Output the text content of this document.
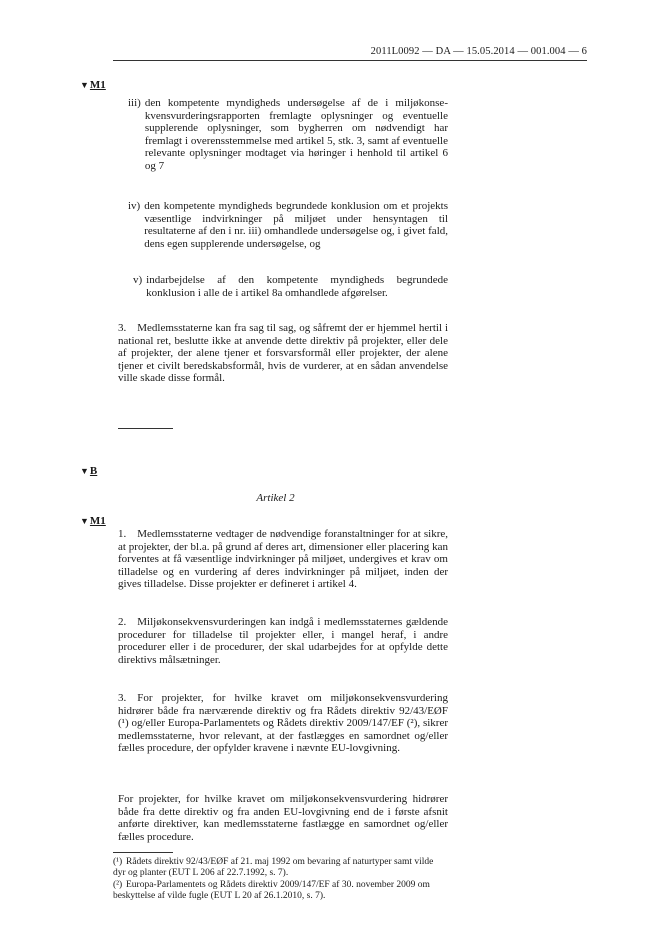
2011L0092 — DA — 15.05.2014 — 001.004 — 6
▼M1
iii) den kompetente myndigheds undersøgelse af de i miljøkonsekvensvurderingsrapporten fremlagte oplysninger og eventuelle supplerende oplysninger, som bygherren om nødvendigt har fremlagt i overensstemmelse med artikel 5, stk. 3, samt af eventuelle relevante oplysninger modtaget via høringer i henhold til artikel 6 og 7
iv) den kompetente myndigheds begrundede konklusion om et projekts væsentlige indvirkninger på miljøet under hensyntagen til resultaterne af den i nr. iii) omhandlede undersøgelse og, i givet fald, dens egen supplerende undersøgelse, og
v) indarbejdelse af den kompetente myndigheds begrundede konklusion i alle de i artikel 8a omhandlede afgørelser.
3. Medlemsstaterne kan fra sag til sag, og såfremt der er hjemmel hertil i national ret, beslutte ikke at anvende dette direktiv på projekter, eller dele af projekter, der alene tjener et forsvarsformål eller projekter, der alene tjener et civilt beredskabsformål, hvis de vurderer, at en sådan anvendelse ville skade disse formål.
▼B
Artikel 2
▼M1
1. Medlemsstaterne vedtager de nødvendige foranstaltninger for at sikre, at projekter, der bl.a. på grund af deres art, dimensioner eller placering kan forventes at få væsentlige indvirkninger på miljøet, undergives et krav om tilladelse og en vurdering af deres indvirkninger på miljøet, inden der gives tilladelse. Disse projekter er defineret i artikel 4.
2. Miljøkonsekvensvurderingen kan indgå i medlemsstaternes gældende procedurer for tilladelse til projekter eller, i mangel heraf, i andre procedurer eller i de procedurer, der skal udarbejdes for at opfylde dette direktivs målsætninger.
3. For projekter, for hvilke kravet om miljøkonsekvensvurdering hidrører både fra nærværende direktiv og fra Rådets direktiv 92/43/EØF (¹) og/eller Europa-Parlamentets og Rådets direktiv 2009/147/EF (²), sikrer medlemsstaterne, hvor relevant, at der fastlægges en samordnet og/eller fælles procedure, der opfylder kravene i nævnte EU-lovgivning.
For projekter, for hvilke kravet om miljøkonsekvensvurdering hidrører både fra dette direktiv og fra anden EU-lovgivning end de i første afsnit anførte direktiver, kan medlemsstaterne fastlægge en samordnet og/eller fælles procedure.
(¹) Rådets direktiv 92/43/EØF af 21. maj 1992 om bevaring af naturtyper samt vilde dyr og planter (EUT L 206 af 22.7.1992, s. 7).
(²) Europa-Parlamentets og Rådets direktiv 2009/147/EF af 30. november 2009 om beskyttelse af vilde fugle (EUT L 20 af 26.1.2010, s. 7).
